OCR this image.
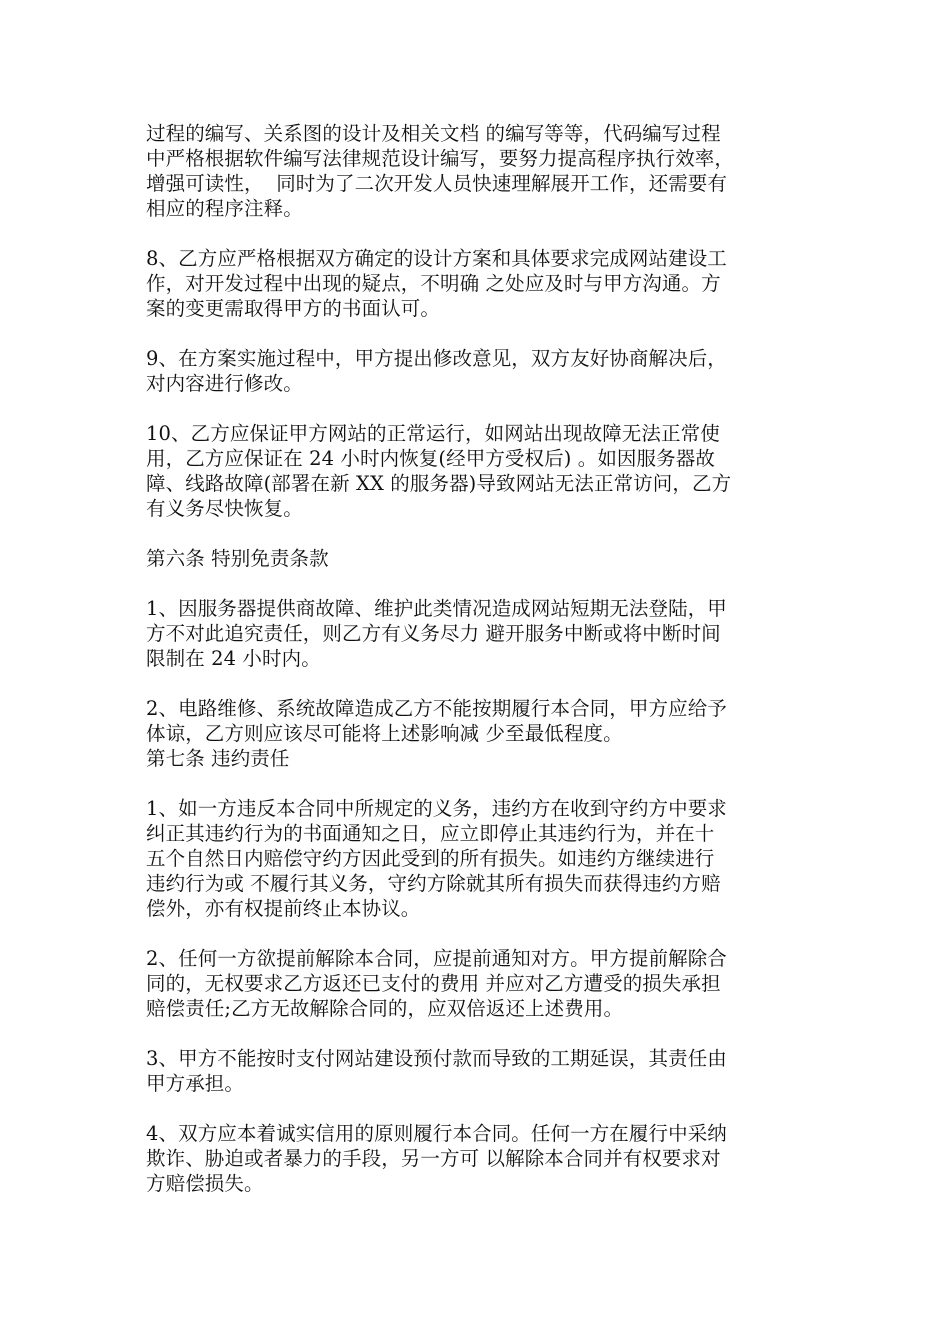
过程的编写、关系图的设计及相关文档 的编写等等，代码编写过程
中严格根据软件编写法律规范设计编写，要努力提高程序执行效率，
增强可读性，  同时为了二次开发人员快速理解展开工作，还需要有
相应的程序注释。
8、乙方应严格根据双方确定的设计方案和具体要求完成网站建设工
作，对开发过程中出现的疑点，不明确 之处应及时与甲方沟通。方
案的变更需取得甲方的书面认可。
9、在方案实施过程中，甲方提出修改意见，双方友好协商解决后，
对内容进行修改。
10、乙方应保证甲方网站的正常运行，如网站出现故障无法正常使
用，乙方应保证在 24 小时内恢复(经甲方受权后) 。如因服务器故
障、线路故障(部署在新 XX 的服务器)导致网站无法正常访问，乙方
有义务尽快恢复。
第六条 特别免责条款
1、因服务器提供商故障、维护此类情况造成网站短期无法登陆，甲
方不对此追究责任，则乙方有义务尽力 避开服务中断或将中断时间
限制在 24 小时内。
2、电路维修、系统故障造成乙方不能按期履行本合同，甲方应给予
体谅，乙方则应该尽可能将上述影响减 少至最低程度。
第七条 违约责任
1、如一方违反本合同中所规定的义务，违约方在收到守约方中要求
纠正其违约行为的书面通知之日，应立即停止其违约行为，并在十
五个自然日内赔偿守约方因此受到的所有损失。如违约方继续进行
违约行为或 不履行其义务，守约方除就其所有损失而获得违约方赔
偿外，亦有权提前终止本协议。
2、任何一方欲提前解除本合同，应提前通知对方。甲方提前解除合
同的，无权要求乙方返还已支付的费用 并应对乙方遭受的损失承担
赔偿责任;乙方无故解除合同的，应双倍返还上述费用。
3、甲方不能按时支付网站建设预付款而导致的工期延误，其责任由
甲方承担。
4、双方应本着诚实信用的原则履行本合同。任何一方在履行中采纳
欺诈、胁迫或者暴力的手段，另一方可 以解除本合同并有权要求对
方赔偿损失。
